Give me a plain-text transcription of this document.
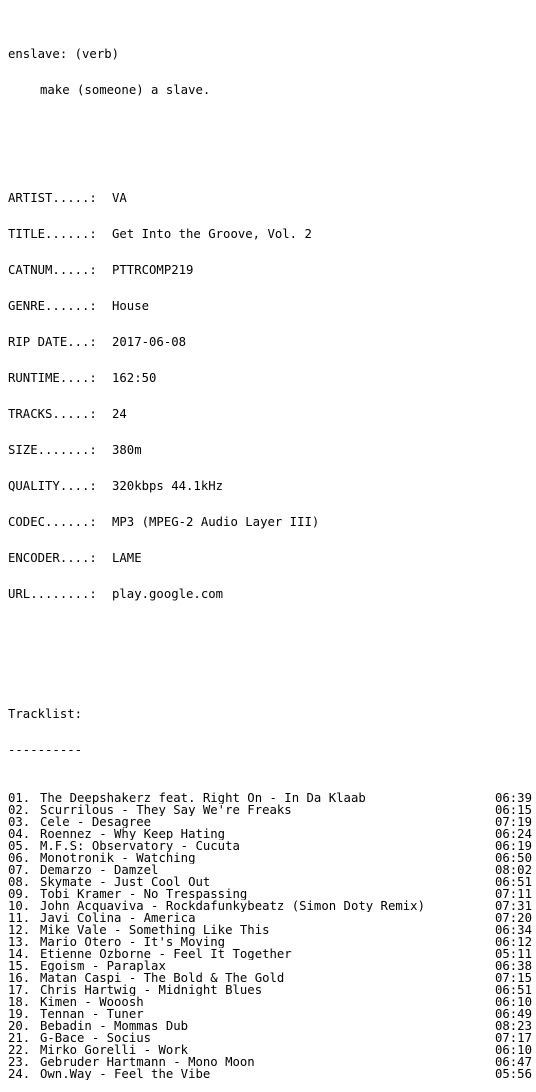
enslave: (verb)

make (someone) a slave.

ARTIST.....:	VA

TITLE......:	Get Into the Groove, Vol. 2

CATNUM.....:	PTTRCOMP219

GENRE......:	House

RIP DATE...:	2017-06-08

RUNTIME....:	162:50

TRACKS.....:	24

SIZE.......:	380m

QUALITY....:	320kbps 44.1kHz

CODEC......:	MP3 (MPEG-2 Audio Layer III)

ENCODER....:	LAME

URL........:	play.google.com

Tracklist:

----------

01. The Deepshakerz feat. Right On - In Da Klaab	06:39
02. Scurrilous - They Say We're Freaks	06:15
03. Cele - Desagree	07:19
04. Roennez - Why Keep Hating	06:24
05. M.F.S: Observatory - Cucuta	06:19
06. Monotronik - Watching	06:50
07. Demarzo - Damzel	08:02
08. Skymate - Just Cool Out	06:51
09. Tobi Kramer - No Trespassing	07:11
10. John Acquaviva - Rockdafunkybeatz (Simon Doty Remix)	07:31
11. Javi Colina - America	07:20
12. Mike Vale - Something Like This	06:34
13. Mario Otero - It's Moving	06:12
14. Etienne Ozborne - Feel It Together	05:11
15. Egoism - Paraplax	06:38
16. Matan Caspi - The Bold & The Gold	07:15
17. Chris Hartwig - Midnight Blues	06:51
18. Kimen - Wooosh	06:10
19. Tennan - Tuner	06:49
20. Bebadin - Mommas Dub	08:23
21. G-Bace - Socius	07:17
22. Mirko Gorelli - Work	06:10
23. Gebruder Hartmann - Mono Moon	06:47
24. Own.Way - Feel the Vibe	05:56
